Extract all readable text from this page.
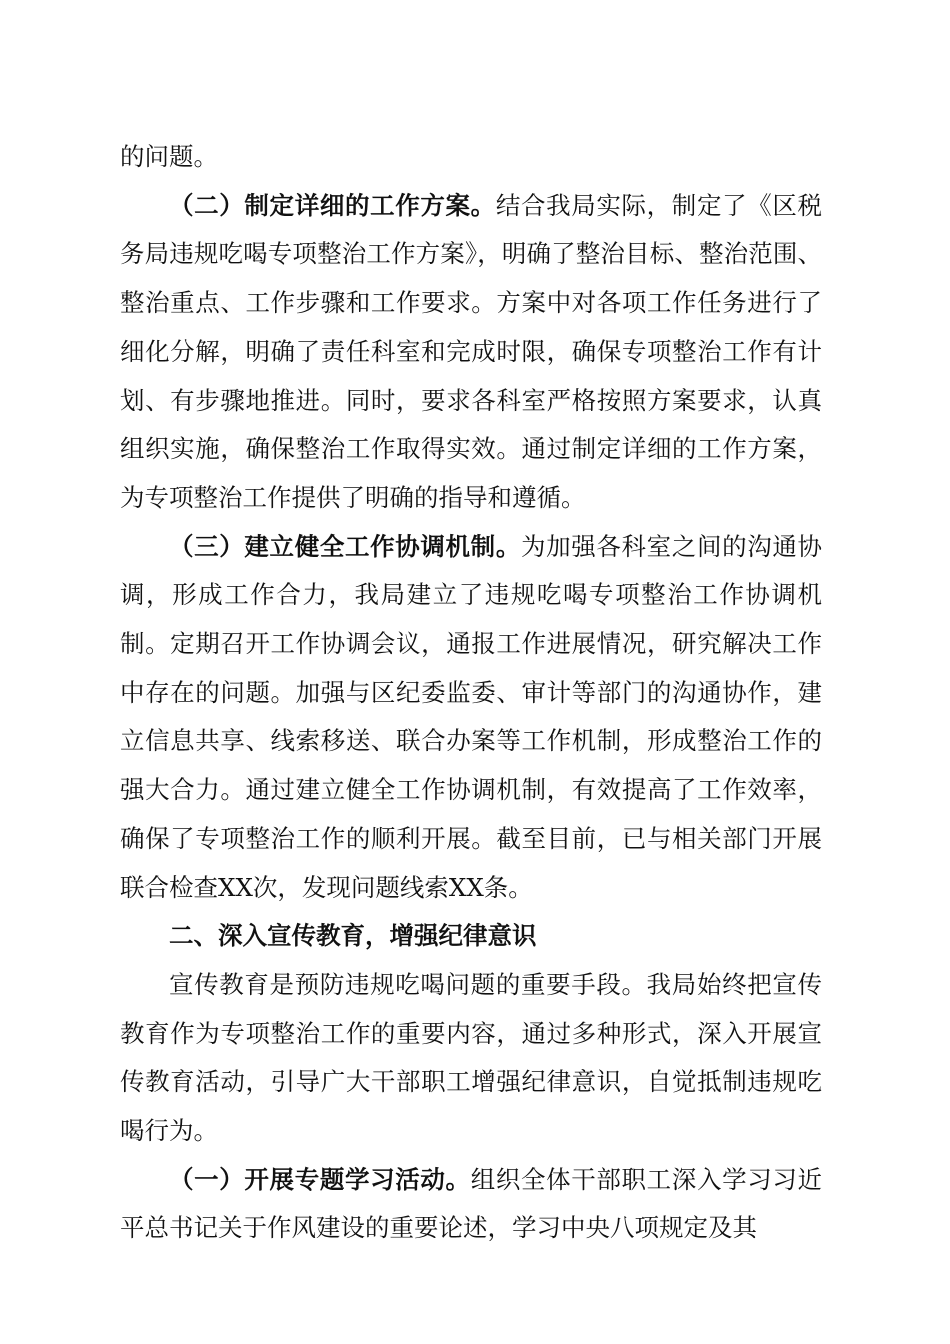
的问题。

（二）制定详细的工作方案。结合我局实际，制定了《区税务局违规吃喝专项整治工作方案》，明确了整治目标、整治范围、整治重点、工作步骤和工作要求。方案中对各项工作任务进行了细化分解，明确了责任科室和完成时限，确保专项整治工作有计划、有步骤地推进。同时，要求各科室严格按照方案要求，认真组织实施，确保整治工作取得实效。通过制定详细的工作方案，为专项整治工作提供了明确的指导和遵循。

（三）建立健全工作协调机制。为加强各科室之间的沟通协调，形成工作合力，我局建立了违规吃喝专项整治工作协调机制。定期召开工作协调会议，通报工作进展情况，研究解决工作中存在的问题。加强与区纪委监委、审计等部门的沟通协作，建立信息共享、线索移送、联合办案等工作机制，形成整治工作的强大合力。通过建立健全工作协调机制，有效提高了工作效率，确保了专项整治工作的顺利开展。截至目前，已与相关部门开展联合检查XX次，发现问题线索XX条。

二、深入宣传教育，增强纪律意识

宣传教育是预防违规吃喝问题的重要手段。我局始终把宣传教育作为专项整治工作的重要内容，通过多种形式，深入开展宣传教育活动，引导广大干部职工增强纪律意识，自觉抵制违规吃喝行为。

（一）开展专题学习活动。组织全体干部职工深入学习习近平总书记关于作风建设的重要论述，学习中央八项规定及其
